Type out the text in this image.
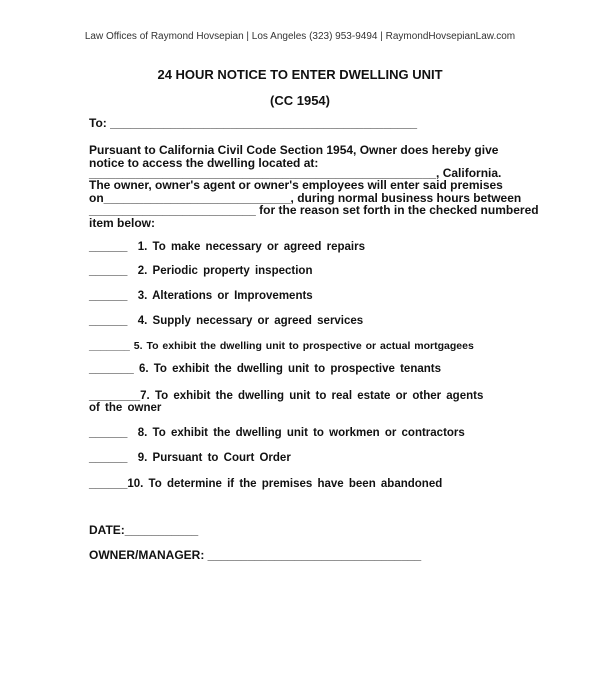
Law Offices of Raymond Hovsepian | Los Angeles (323) 953-9494 | RaymondHovsepianLaw.com
24 HOUR NOTICE TO ENTER DWELLING UNIT
(CC 1954)
To: ______________________________________________
Pursuant to California Civil Code Section 1954, Owner does hereby give
notice to access the dwelling located at:
____________________________________________________, California.
The owner, owner's agent or owner's employees will enter said premises
on____________________________, during normal business hours between
_________________________ for the reason set forth in the checked numbered
item below:
______  1. To make necessary or agreed repairs
______  2. Periodic property inspection
______  3. Alterations or Improvements
______  4. Supply necessary or agreed services
_______ 5. To exhibit the dwelling unit to prospective or actual mortgagees
_______ 6. To exhibit the dwelling unit to prospective tenants
________7. To exhibit the dwelling unit to real estate or other agents
of the owner
______  8. To exhibit the dwelling unit to workmen or contractors
______  9. Pursuant to Court Order
______10. To determine if the premises have been abandoned
DATE:___________
OWNER/MANAGER: ________________________________
